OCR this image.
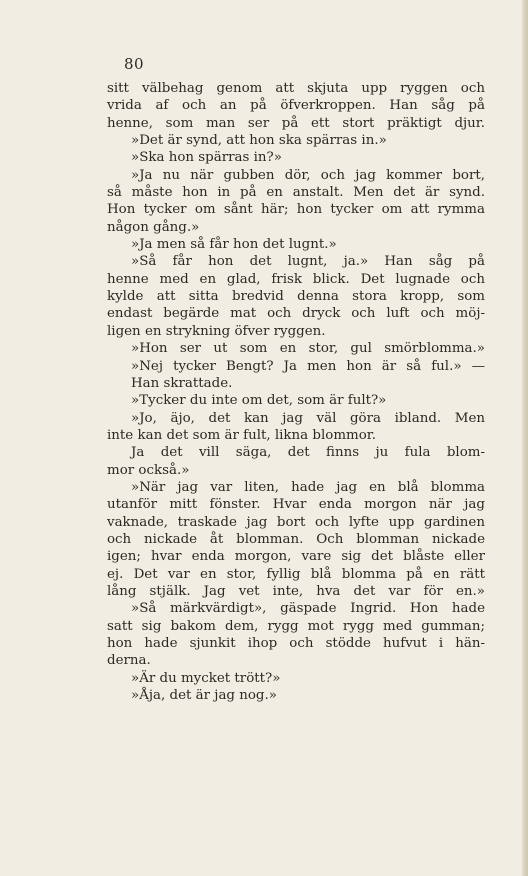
80
sitt välbehag genom att skjuta upp ryggen och
vrida af och an på öfverkroppen. Han såg på
henne, som man ser på ett stort präktigt djur.
»Det är synd, att hon ska spärras in.»
»Ska hon spärras in?»
»Ja nu när gubben dör, och jag kommer bort,
så måste hon in på en anstalt. Men det är synd.
Hon tycker om sånt här; hon tycker om att rymma
någon gång.»
»Ja men så får hon det lugnt.»
»Så får hon det lugnt, ja.» Han såg på
henne med en glad, frisk blick. Det lugnade och
kylde att sitta bredvid denna stora kropp, som
endast begärde mat och dryck och luft och möj-
ligen en strykning öfver ryggen.
»Hon ser ut som en stor, gul smörblomma.»
»Nej tycker Bengt? Ja men hon är så ful.» —
Han skrattade.
»Tycker du inte om det, som är fult?»
»Jo, äjo, det kan jag väl göra ibland. Men
inte kan det som är fult, likna blommor.
Ja det vill säga, det finns ju fula blom-
mor också.»
»När jag var liten, hade jag en blå blomma
utanför mitt fönster. Hvar enda morgon när jag
vaknade, traskade jag bort och lyfte upp gardinen
och nickade åt blomman. Och blomman nickade
igen; hvar enda morgon, vare sig det blåste eller
ej. Det var en stor, fyllig blå blomma på en rätt
lång stjälk. Jag vet inte, hva det var för en.»
»Så märkvärdigt», gäspade Ingrid. Hon hade
satt sig bakom dem, rygg mot rygg med gumman;
hon hade sjunkit ihop och stödde hufvut i hän-
derna.
»Är du mycket trött?»
»Åja, det är jag nog.»
